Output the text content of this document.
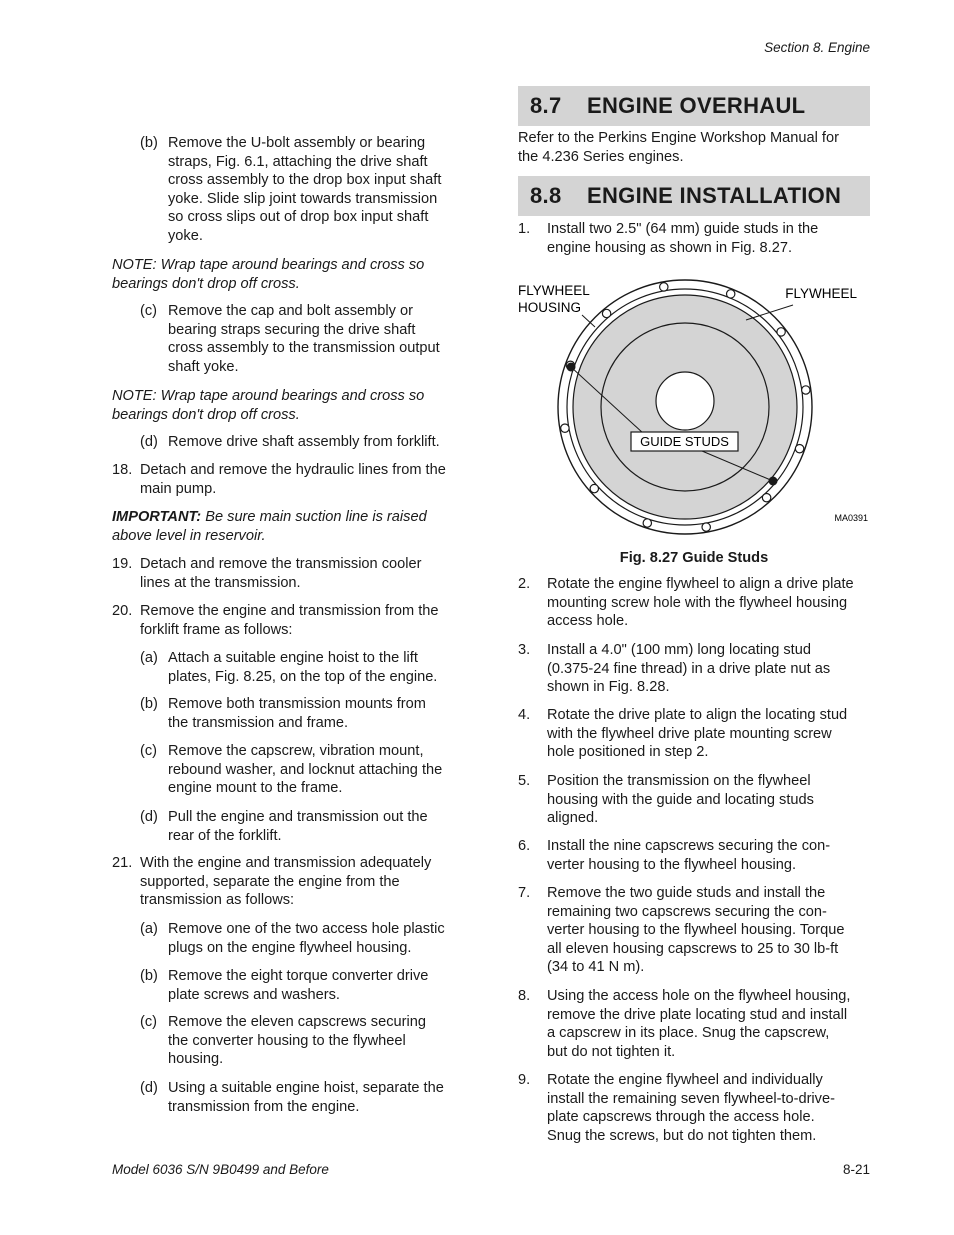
Section 8. Engine
(b) Remove the U-bolt assembly or bearing
straps, Fig. 6.1, attaching the drive shaft
cross assembly to the drop box input shaft
yoke. Slide slip joint towards transmission
so cross slips out of drop box input shaft
yoke.
NOTE: Wrap tape around bearings and cross so
bearings don't drop off cross.
(c) Remove the cap and bolt assembly or
bearing straps securing the drive shaft
cross assembly to the transmission output
shaft yoke.
NOTE: Wrap tape around bearings and cross so
bearings don't drop off cross.
(d) Remove drive shaft assembly from forklift.
18. Detach and remove the hydraulic lines from the
main pump.
IMPORTANT: Be sure main suction line is raised
above level in reservoir.
19. Detach and remove the transmission cooler
lines at the transmission.
20. Remove the engine and transmission from the
forklift frame as follows:
(a) Attach a suitable engine hoist to the lift
plates, Fig. 8.25, on the top of the engine.
(b) Remove both transmission mounts from
the transmission and frame.
(c) Remove the capscrew, vibration mount,
rebound washer, and locknut attaching the
engine mount to the frame.
(d) Pull the engine and transmission out the
rear of the forklift.
21. With the engine and transmission adequately
supported, separate the engine from the
transmission as follows:
(a) Remove one of the two access hole plastic
plugs on the engine flywheel housing.
(b) Remove the eight torque converter drive
plate screws and washers.
(c) Remove the eleven capscrews securing
the converter housing to the flywheel
housing.
(d) Using a suitable engine hoist, separate the
transmission from the engine.
8.7 ENGINE OVERHAUL
Refer to the Perkins Engine Workshop Manual for
the 4.236 Series engines.
8.8 ENGINE INSTALLATION
1. Install two 2.5" (64 mm) guide studs in the
engine housing as shown in Fig. 8.27.
GUIDE STUDS
FLYWHEEL
HOUSING
FLYWHEEL
MA0391
Fig. 8.27 Guide Studs
2. Rotate the engine flywheel to align a drive plate
mounting screw hole with the flywheel housing
access hole.
3. Install a 4.0" (100 mm) long locating stud
(0.375-24 fine thread) in a drive plate nut as
shown in Fig. 8.28.
4. Rotate the drive plate to align the locating stud
with the flywheel drive plate mounting screw
hole positioned in step 2.
5. Position the transmission on the flywheel
housing with the guide and locating studs
aligned.
6. Install the nine capscrews securing the con-
verter housing to the flywheel housing.
7. Remove the two guide studs and install the
remaining two capscrews securing the con-
verter housing to the flywheel housing. Torque
all eleven housing capscrews to 25 to 30 lb-ft
(34 to 41 N m).
8. Using the access hole on the flywheel housing,
remove the drive plate locating stud and install
a capscrew in its place. Snug the capscrew,
but do not tighten it.
9. Rotate the engine flywheel and individually
install the remaining seven flywheel-to-drive-
plate capscrews through the access hole.
Snug the screws, but do not tighten them.
Model 6036 S/N 9B0499 and Before	8-21
